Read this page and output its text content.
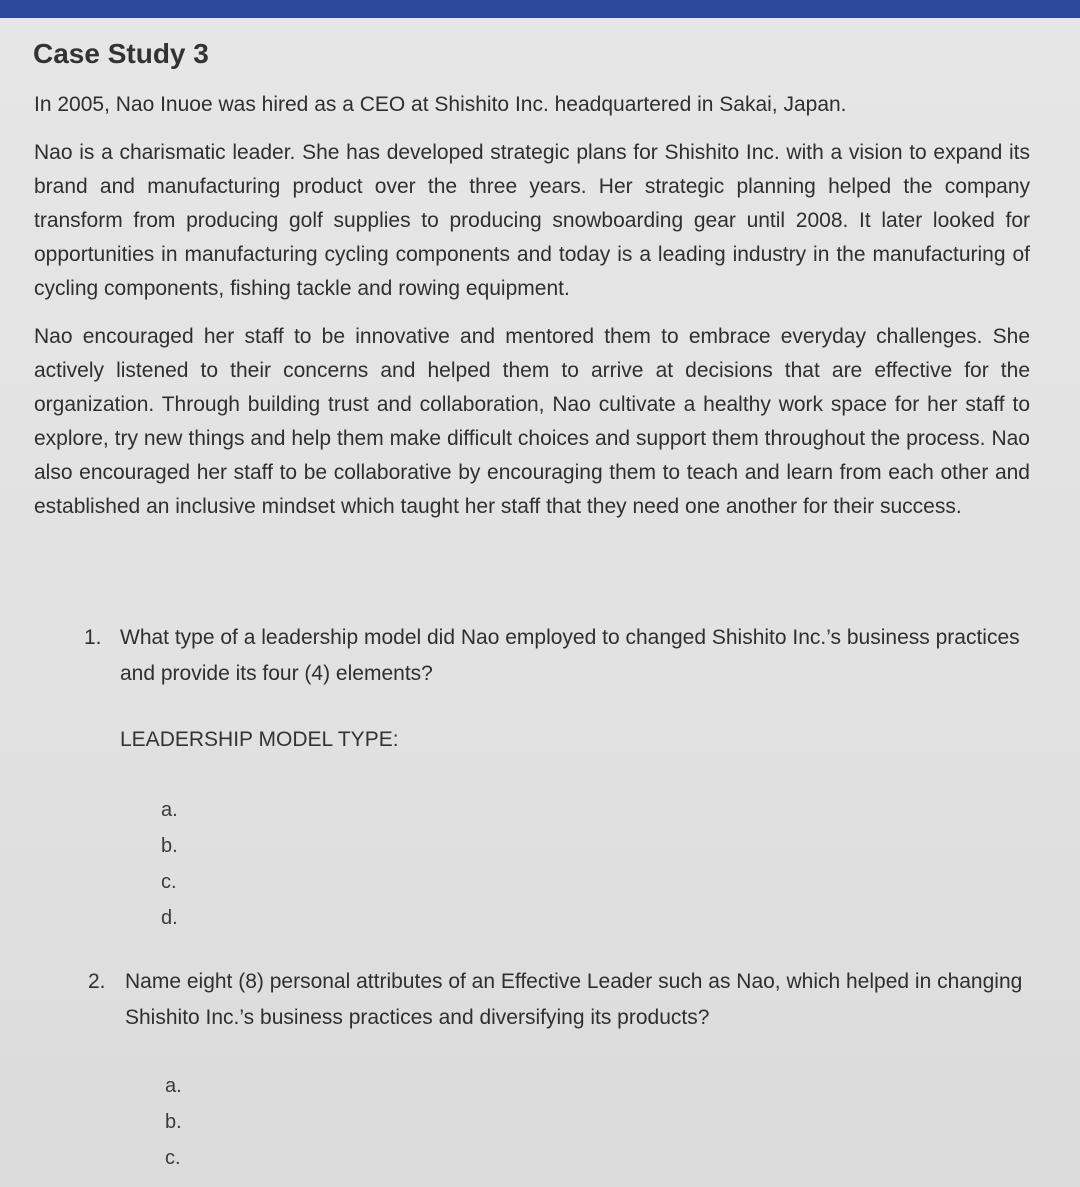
Case Study 3

In 2005, Nao Inuoe was hired as a CEO at Shishito Inc. headquartered in Sakai, Japan.

Nao is a charismatic leader. She has developed strategic plans for Shishito Inc. with a vision to expand its brand and manufacturing product over the three years. Her strategic planning helped the company transform from producing golf supplies to producing snowboarding gear until 2008. It later looked for opportunities in manufacturing cycling components and today is a leading industry in the manufacturing of cycling components, fishing tackle and rowing equipment.

Nao encouraged her staff to be innovative and mentored them to embrace everyday challenges. She actively listened to their concerns and helped them to arrive at decisions that are effective for the organization. Through building trust and collaboration, Nao cultivate a healthy work space for her staff to explore, try new things and help them make difficult choices and support them throughout the process. Nao also encouraged her staff to be collaborative by encouraging them to teach and learn from each other and established an inclusive mindset which taught her staff that they need one another for their success.

1. What type of a leadership model did Nao employed to changed Shishito Inc.’s business practices and provide its four (4) elements?

LEADERSHIP MODEL TYPE:

a.
b.
c.
d.
2. Name eight (8) personal attributes of an Effective Leader such as Nao, which helped in changing Shishito Inc.’s business practices and diversifying its products?
a.
b.
c.
